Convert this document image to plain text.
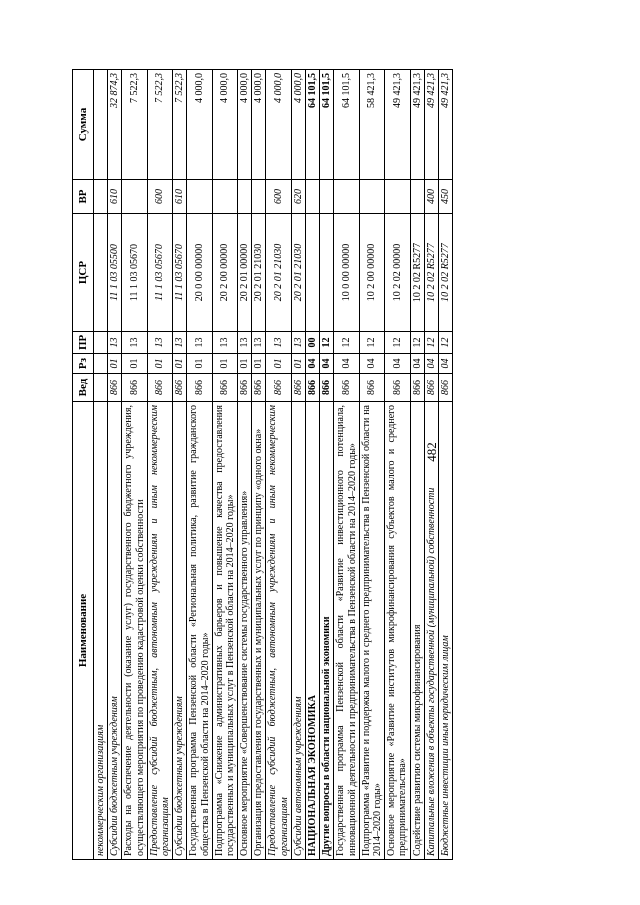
482
Наименование	Вед	Рз	ПР	ЦСР	ВР	Сумма
некоммерческим организациям						
Субсидии бюджетным учреждениям	866	01	13	11 1 03 05500	610	32 874,3
Расходы на обеспечение деятельности (оказание услуг) государственного бюджетного учреждения, осуществляющего мероприятия по проведению кадастровой оценки собственности	866	01	13	11 1 03 05670		7 522,3
Предоставление субсидий бюджетным, автономным учреждениям и иным некоммерческим организациям	866	01	13	11 1 03 05670	600	7 522,3
Субсидии бюджетным учреждениям	866	01	13	11 1 03 05670	610	7 522,3
Государственная программа Пензенской области «Региональная политика, развитие гражданского общества в Пензенской области на 2014–2020 годы»	866	01	13	20 0 00 00000		4 000,0
Подпрограмма «Снижение административных барьеров и повышение качества предоставления государственных и муниципальных услуг в Пензенской области на 2014–2020 годы»	866	01	13	20 2 00 00000		4 000,0
Основное мероприятие «Совершенствование системы государственного управления»	866	01	13	20 2 01 00000		4 000,0
Организация предоставления государственных и муниципальных услуг по принципу «одного окна»	866	01	13	20 2 01 21030		4 000,0
Предоставление субсидий бюджетным, автономным учреждениям и иным некоммерческим организациям	866	01	13	20 2 01 21030	600	4 000,0
Субсидии автономным учреждениям	866	01	13	20 2 01 21030	620	4 000,0
НАЦИОНАЛЬНАЯ ЭКОНОМИКА	866	04	00			64 101,5
Другие вопросы в области национальной экономики	866	04	12			64 101,5
Государственная программа Пензенской области «Развитие инвестиционного потенциала, инновационной деятельности и предпринимательства в Пензенской области на 2014–2020 годы»	866	04	12	10 0 00 00000		64 101,5
Подпрограмма «Развитие и поддержка малого и среднего предпринимательства в Пензенской области на 2014–2020 годы»	866	04	12	10 2 00 00000		58 421,3
Основное мероприятие «Развитие институтов микрофинансирования субъектов малого и среднего предпринимательства»	866	04	12	10 2 02 00000		49 421,3
Содействие развитию системы микрофинансирования	866	04	12	10 2 02 R5277		49 421,3
Капитальные вложения в объекты государственной (муниципальной) собственности	866	04	12	10 2 02 R5277	400	49 421,3
Бюджетные инвестиции иным юридическим лицам	866	04	12	10 2 02 R5277	450	49 421,3
